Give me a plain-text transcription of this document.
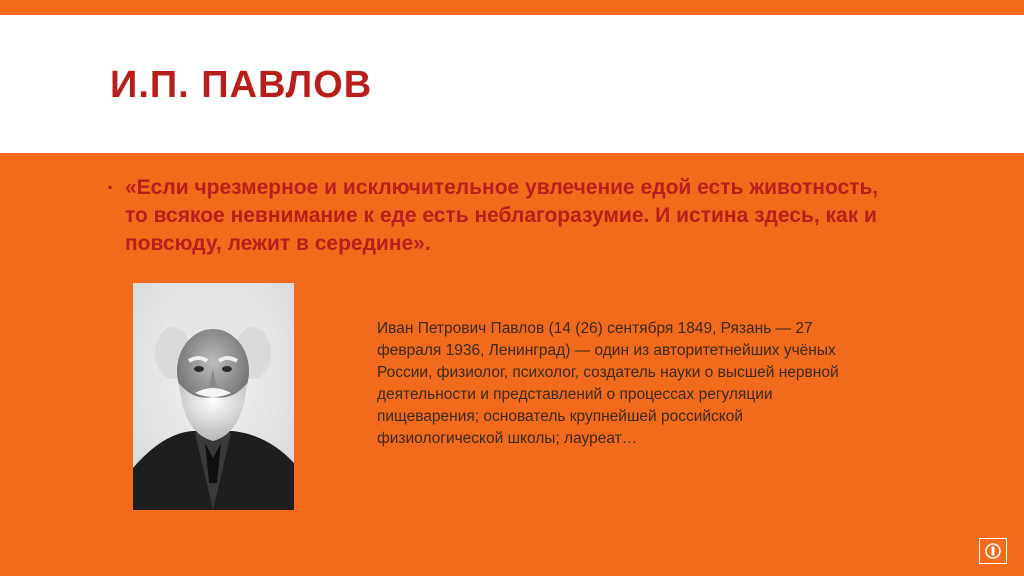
И.П. ПАВЛОВ
▪ «Если чрезмерное и исключительное увлечение едой есть животность, то всякое невнимание к еде есть неблагоразумие. И истина здесь, как и повсюду, лежит в середине».
Иван Петрович Павлов (14 (26) сентября 1849, Рязань — 27 февраля 1936, Ленинград) — один из авторитетнейших учёных России, физиолог, психолог, создатель науки о высшей нервной деятельности и представлений о процессах регуляции пищеварения; основатель крупнейшей российской физиологической школы; лауреат…
